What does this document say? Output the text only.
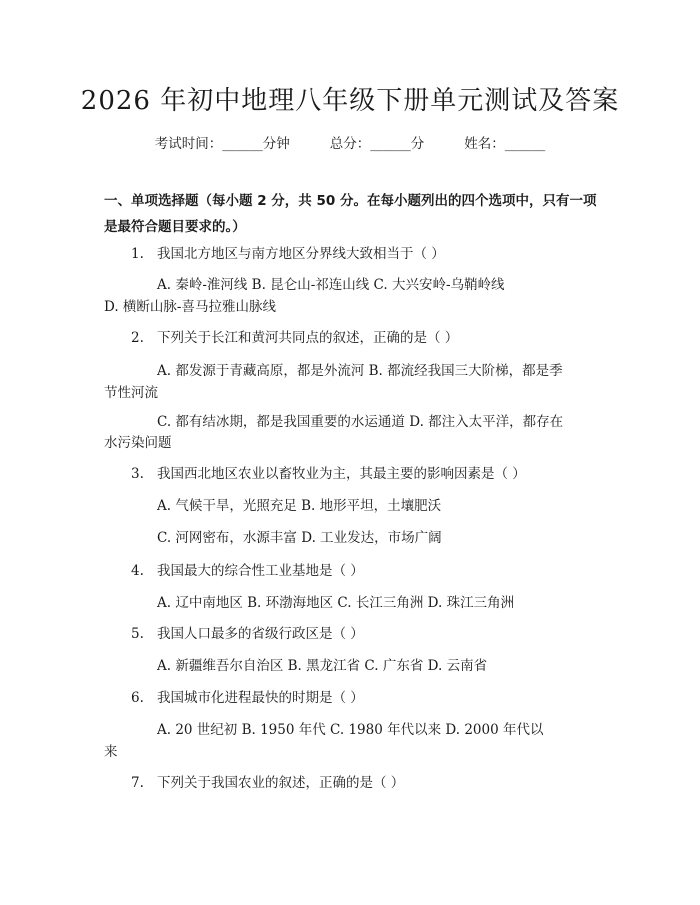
2026 年初中地理八年级下册单元测试及答案
考试时间：______分钟	总分：______分	姓名：______
一、单项选择题（每小题 2 分，共 50 分。在每小题列出的四个选项中，只有一项是最符合题目要求的。）
1. 我国北方地区与南方地区分界线大致相当于（ ）
A. 秦岭-淮河线 B. 昆仑山-祁连山线 C. 大兴安岭-乌鞘岭线
D. 横断山脉-喜马拉雅山脉线
2. 下列关于长江和黄河共同点的叙述，正确的是（ ）
A. 都发源于青藏高原，都是外流河 B. 都流经我国三大阶梯，都是季
节性河流
C. 都有结冰期，都是我国重要的水运通道 D. 都注入太平洋，都存在
水污染问题
3. 我国西北地区农业以畜牧业为主，其最主要的影响因素是（ ）
A. 气候干旱，光照充足 B. 地形平坦，土壤肥沃
C. 河网密布，水源丰富 D. 工业发达，市场广阔
4. 我国最大的综合性工业基地是（ ）
A. 辽中南地区 B. 环渤海地区 C. 长江三角洲 D. 珠江三角洲
5. 我国人口最多的省级行政区是（ ）
A. 新疆维吾尔自治区 B. 黑龙江省 C. 广东省 D. 云南省
6. 我国城市化进程最快的时期是（ ）
A. 20 世纪初 B. 1950 年代 C. 1980 年代以来 D. 2000 年代以
来
7. 下列关于我国农业的叙述，正确的是（ ）
